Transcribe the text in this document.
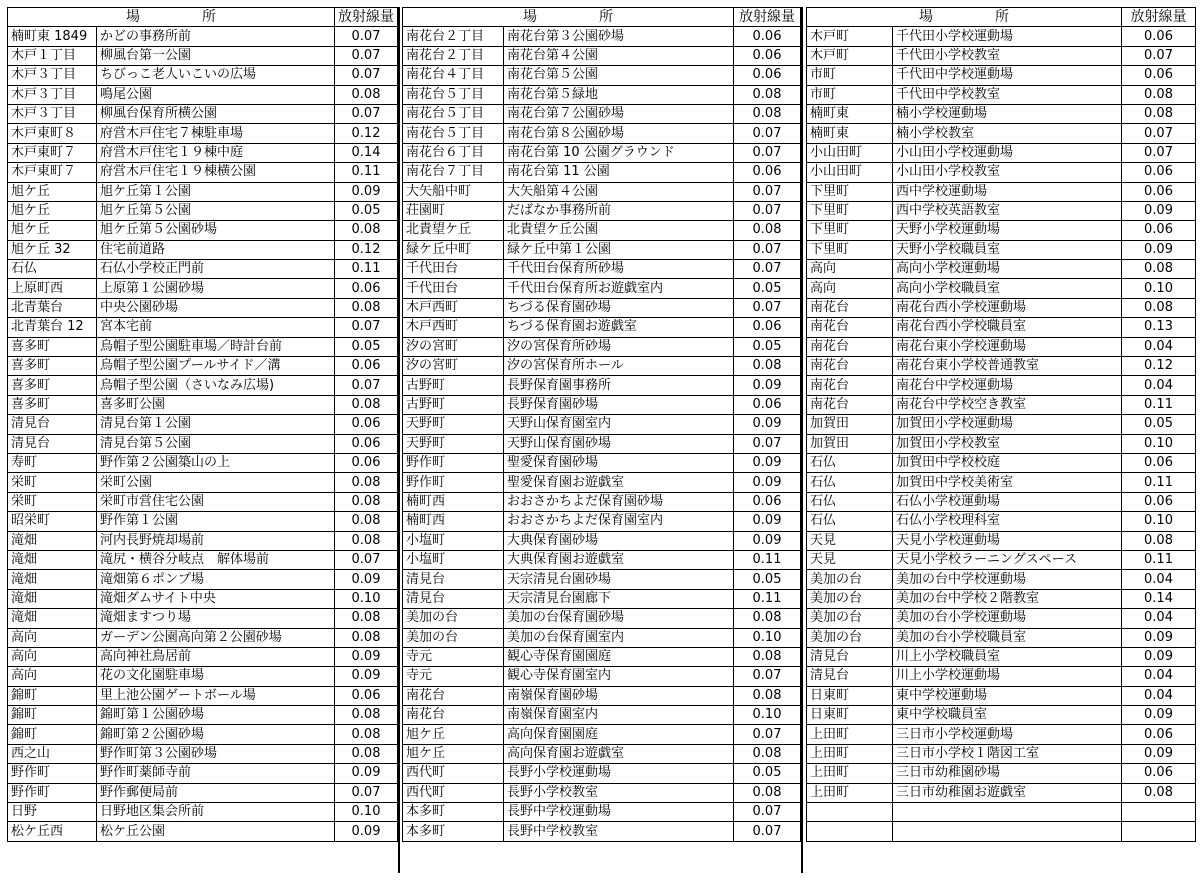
場　所		放射線量
楠町東 1849	かどの事務所前	0.07
木戸１丁目	柳風台第一公園	0.07
木戸３丁目	ちびっこ老人いこいの広場	0.07
木戸３丁目	鳴尾公園	0.08
木戸３丁目	柳風台保育所横公園	0.07
木戸東町８	府営木戸住宅７棟駐車場	0.12
木戸東町７	府営木戸住宅１９棟中庭	0.14
木戸東町７	府営木戸住宅１９棟横公園	0.11
旭ケ丘	旭ケ丘第１公園	0.09
旭ケ丘	旭ケ丘第５公園	0.05
旭ケ丘	旭ケ丘第５公園砂場	0.08
旭ケ丘 32	住宅前道路	0.12
石仏	石仏小学校正門前	0.11
上原町西	上原第１公園砂場	0.06
北青葉台	中央公園砂場	0.08
北青葉台 12	宮本宅前	0.07
喜多町	烏帽子型公園駐車場／時計台前	0.05
喜多町	烏帽子型公園プールサイド／溝	0.06
喜多町	烏帽子型公園（さいなみ広場)	0.07
喜多町	喜多町公園	0.08
清見台	清見台第１公園	0.06
清見台	清見台第５公園	0.06
寿町	野作第２公園築山の上	0.06
栄町	栄町公園	0.08
栄町	栄町市営住宅公園	0.08
昭栄町	野作第１公園	0.08
滝畑	河内長野焼却場前	0.08
滝畑	滝尻・横谷分岐点　解体場前	0.07
滝畑	滝畑第６ポンプ場	0.09
滝畑	滝畑ダムサイト中央	0.10
滝畑	滝畑ますつり場	0.08
高向	ガーデン公園高向第２公園砂場	0.08
高向	高向神社鳥居前	0.09
高向	花の文化園駐車場	0.09
錦町	里上池公園ゲートボール場	0.06
錦町	錦町第１公園砂場	0.08
錦町	錦町第２公園砂場	0.08
西之山	野作町第３公園砂場	0.08
野作町	野作町薬師寺前	0.09
野作町	野作郵便局前	0.07
日野	日野地区集会所前	0.10
松ケ丘西	松ケ丘公園	0.09
場　所		放射線量
南花台２丁目	南花台第３公園砂場	0.06
南花台２丁目	南花台第４公園	0.06
南花台４丁目	南花台第５公園	0.06
南花台５丁目	南花台第５緑地	0.08
南花台５丁目	南花台第７公園砂場	0.08
南花台５丁目	南花台第８公園砂場	0.07
南花台６丁目	南花台第 10 公園グラウンド	0.07
南花台７丁目	南花台第 11 公園	0.06
大矢船中町	大矢船第４公園	0.07
荘園町	だばなか事務所前	0.07
北貴望ケ丘	北貴望ケ丘公園	0.08
緑ケ丘中町	緑ケ丘中第１公園	0.07
千代田台	千代田台保育所砂場	0.07
千代田台	千代田台保育所お遊戯室内	0.05
木戸西町	ちづる保育園砂場	0.07
木戸西町	ちづる保育園お遊戯室	0.06
汐の宮町	汐の宮保育所砂場	0.05
汐の宮町	汐の宮保育所ホール	0.08
古野町	長野保育園事務所	0.09
古野町	長野保育園砂場	0.06
天野町	天野山保育園室内	0.09
天野町	天野山保育園砂場	0.07
野作町	聖愛保育園砂場	0.09
野作町	聖愛保育園お遊戯室	0.09
楠町西	おおさかちよだ保育園砂場	0.06
楠町西	おおさかちよだ保育園室内	0.09
小塩町	大典保育園砂場	0.09
小塩町	大典保育園お遊戯室	0.11
清見台	天宗清見台園砂場	0.05
清見台	天宗清見台園廊下	0.11
美加の台	美加の台保育園砂場	0.08
美加の台	美加の台保育園室内	0.10
寺元	観心寺保育園園庭	0.08
寺元	観心寺保育園室内	0.07
南花台	南嶺保育園砂場	0.08
南花台	南嶺保育園室内	0.10
旭ケ丘	高向保育園園庭	0.07
旭ケ丘	高向保育園お遊戯室	0.08
西代町	長野小学校運動場	0.05
西代町	長野小学校教室	0.08
本多町	長野中学校運動場	0.07
本多町	長野中学校教室	0.07
場　所		放射線量
木戸町	千代田小学校運動場	0.06
木戸町	千代田小学校教室	0.07
市町	千代田中学校運動場	0.06
市町	千代田中学校教室	0.08
楠町東	楠小学校運動場	0.08
楠町東	楠小学校教室	0.07
小山田町	小山田小学校運動場	0.07
小山田町	小山田小学校教室	0.06
下里町	西中学校運動場	0.06
下里町	西中学校英語教室	0.09
下里町	天野小学校運動場	0.06
下里町	天野小学校職員室	0.09
高向	高向小学校運動場	0.08
高向	高向小学校職員室	0.10
南花台	南花台西小学校運動場	0.08
南花台	南花台西小学校職員室	0.13
南花台	南花台東小学校運動場	0.04
南花台	南花台東小学校普通教室	0.12
南花台	南花台中学校運動場	0.04
南花台	南花台中学校空き教室	0.11
加賀田	加賀田小学校運動場	0.05
加賀田	加賀田小学校教室	0.10
石仏	加賀田中学校校庭	0.06
石仏	加賀田中学校美術室	0.11
石仏	石仏小学校運動場	0.06
石仏	石仏小学校理科室	0.10
天見	天見小学校運動場	0.08
天見	天見小学校ラーニングスペース	0.11
美加の台	美加の台中学校運動場	0.04
美加の台	美加の台中学校２階教室	0.14
美加の台	美加の台小学校運動場	0.04
美加の台	美加の台小学校職員室	0.09
清見台	川上小学校職員室	0.09
清見台	川上小学校運動場	0.04
日東町	東中学校運動場	0.04
日東町	東中学校職員室	0.09
上田町	三日市小学校運動場	0.06
上田町	三日市小学校１階図工室	0.09
上田町	三日市幼稚園砂場	0.06
上田町	三日市幼稚園お遊戯室	0.08
